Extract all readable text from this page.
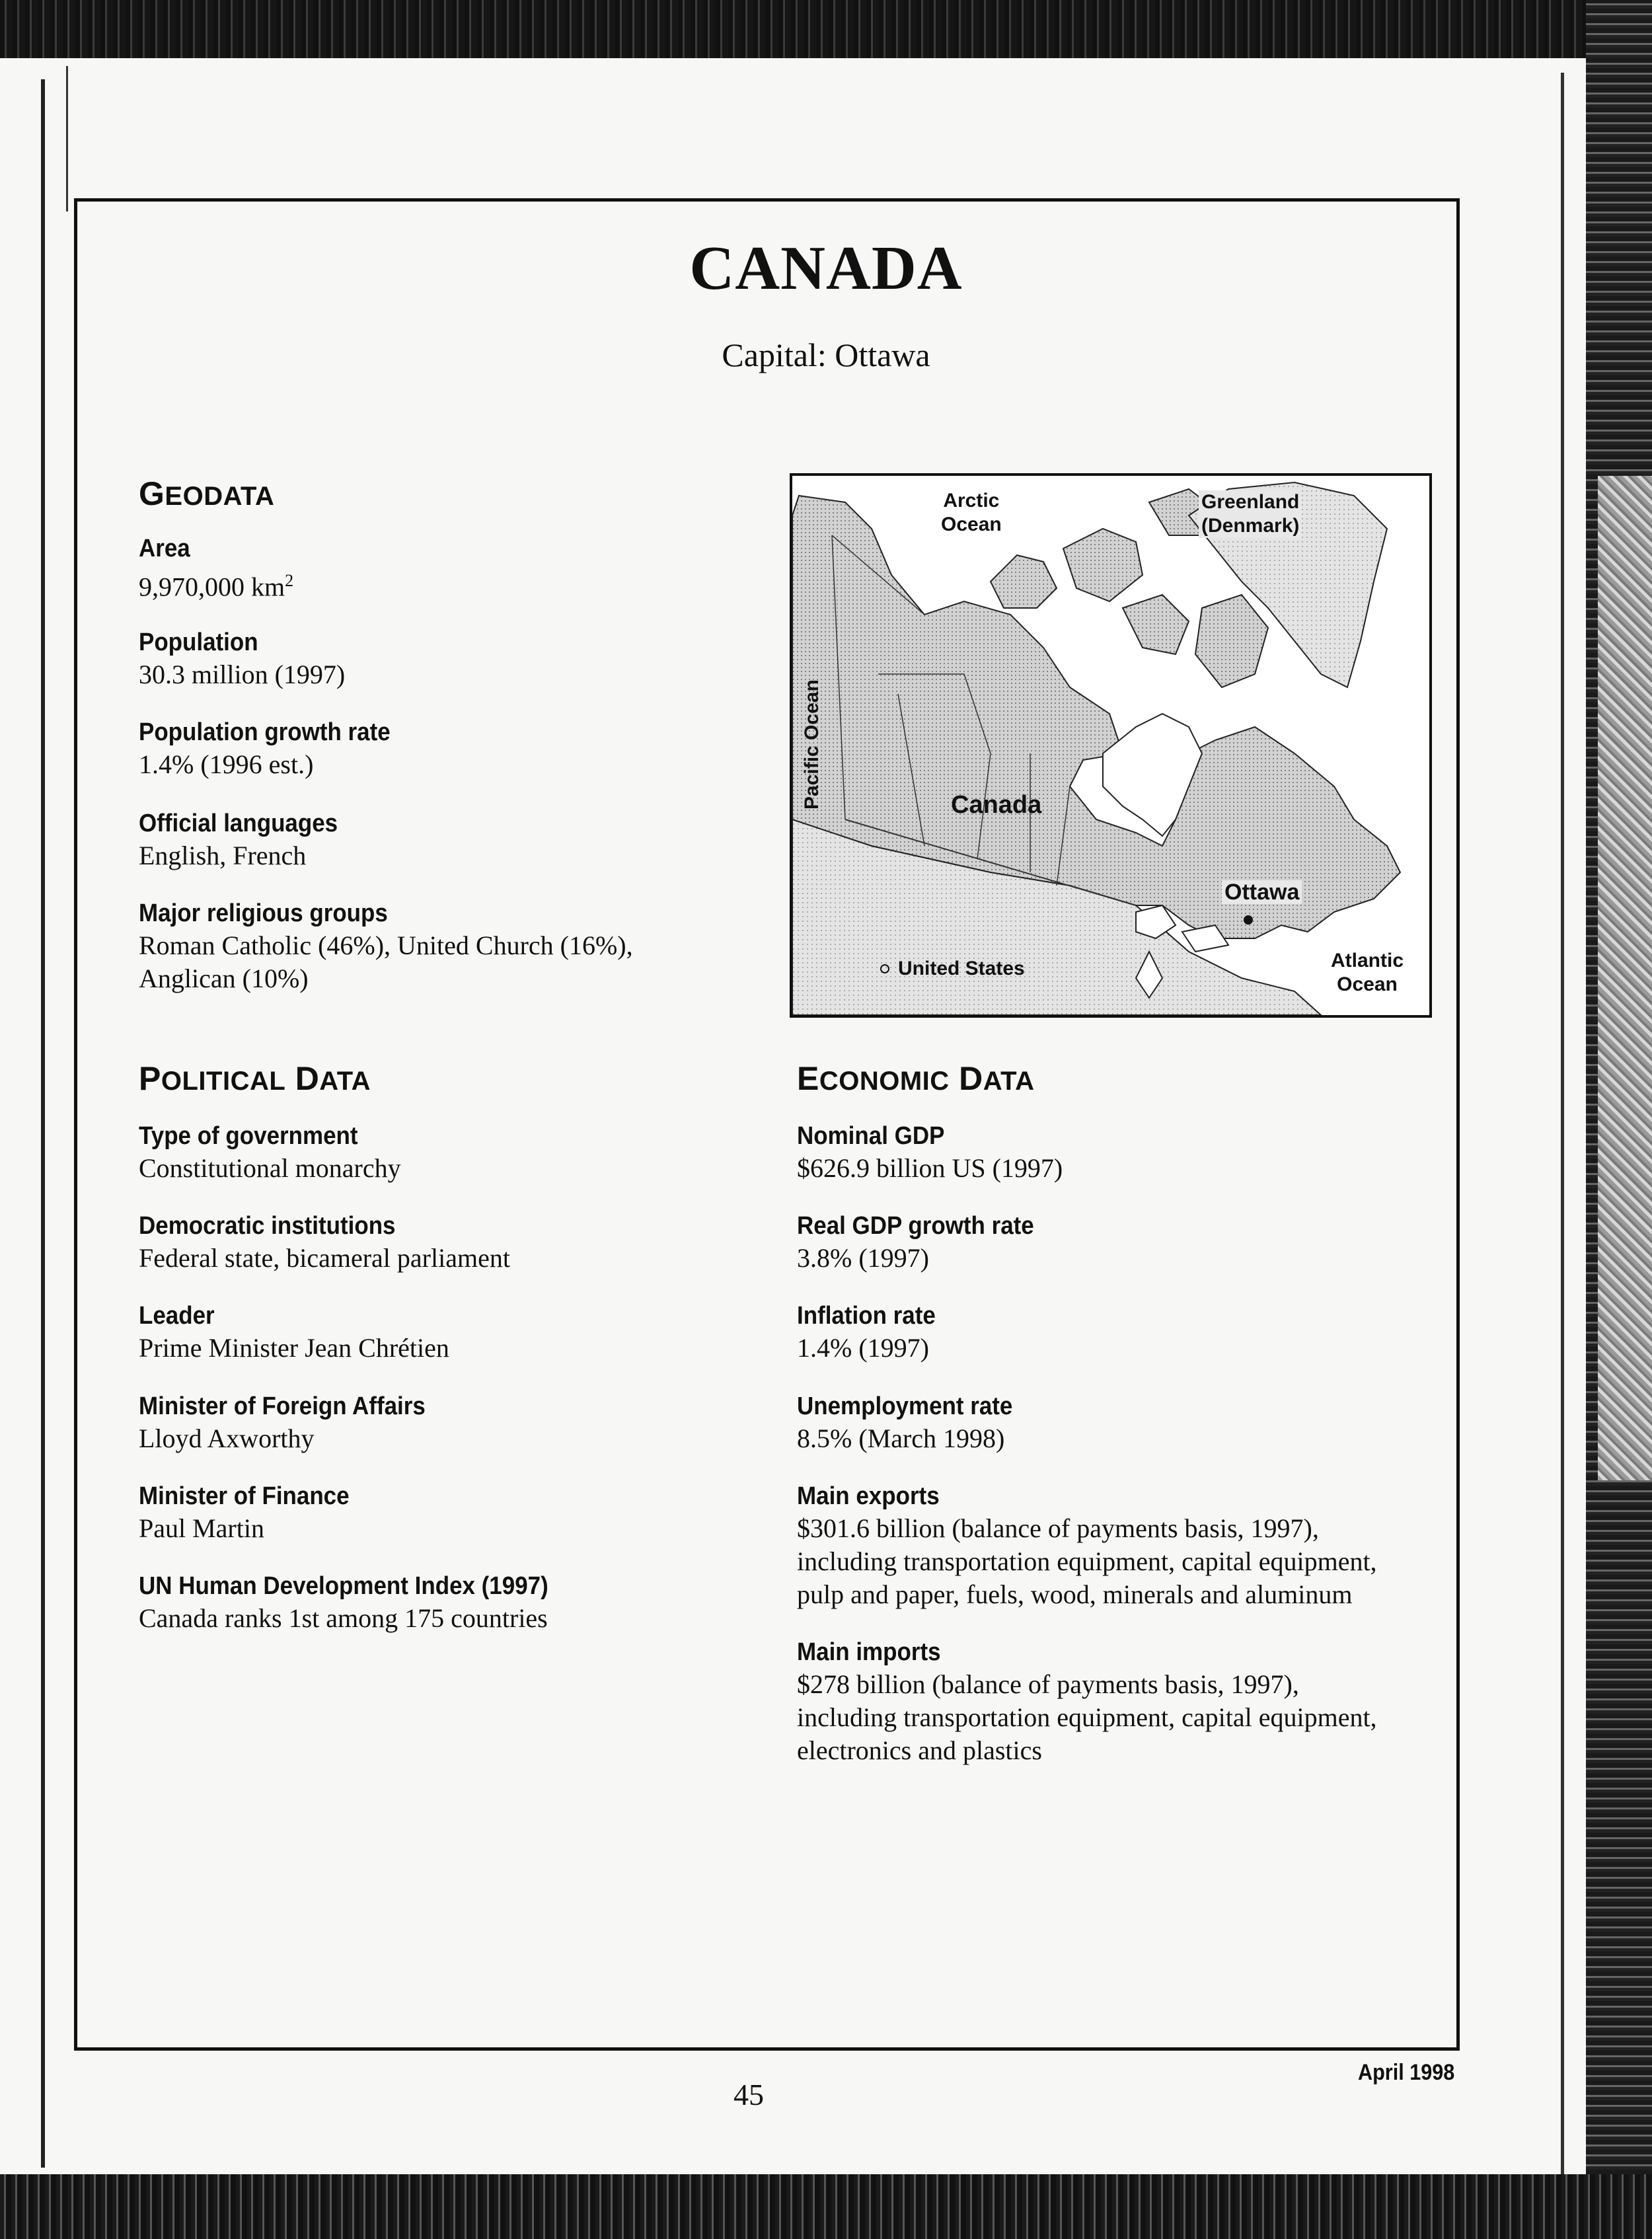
CANADA
Capital: Ottawa
GEODATA
Area
9,970,000 $km^2$
Population
30.3 million (1997)
Population growth rate
1.4% (1996 est.)
Official languages
English, French
Major religious groups
Roman Catholic (46%), United Church (16%),
Anglican (10%)
Arctic
Ocean
Greenland
(Denmark)
Pacific Ocean	Canada
Ottawa
United States	Atlantic
Ocean
POLITICAL DATA
Type of government
Constitutional monarchy
Democratic institutions
Federal state, bicameral parliament
Leader
Prime Minister Jean Chrétien
Minister of Foreign Affairs
Lloyd Axworthy
Minister of Finance
Paul Martin
UN Human Development Index (1997)
Canada ranks 1st among 175 countries
ECONOMIC DATA
Nominal GDP
$626.9 billion US (1997)
Real GDP growth rate
3.8% (1997)
Inflation rate
1.4% (1997)
Unemployment rate
8.5% (March 1998)
Main exports
$301.6 billion (balance of payments basis, 1997),
including transportation equipment, capital equipment,
pulp and paper, fuels, wood, minerals and aluminum
Main imports
$278 billion (balance of payments basis, 1997),
including transportation equipment, capital equipment,
electronics and plastics
April 1998
45
